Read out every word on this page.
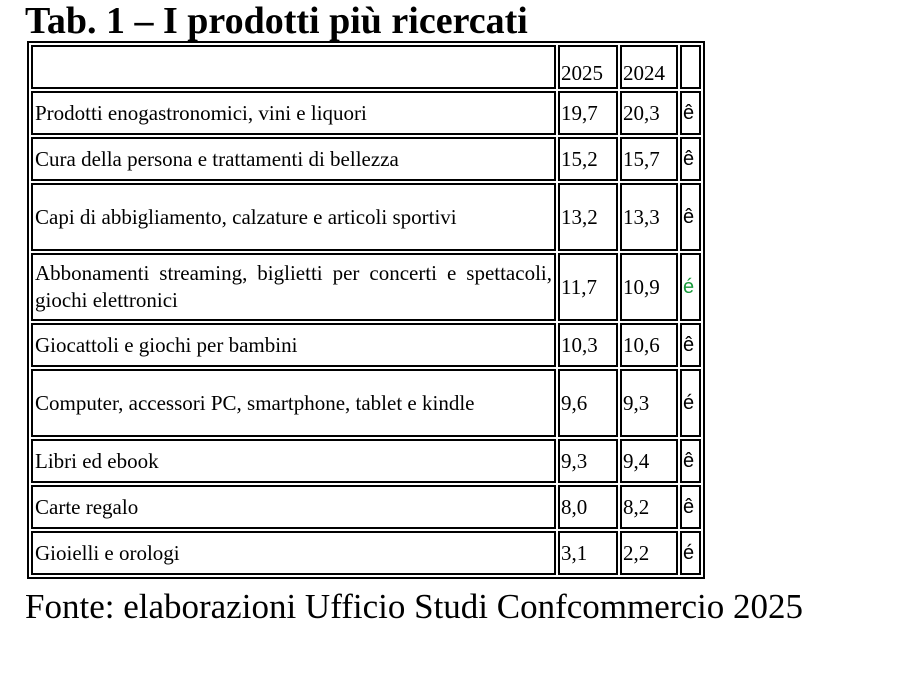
Tab. 1 – I prodotti più ricercati
	2025	2024	
Prodotti enogastronomici, vini e liquori	19,7	20,3	ê
Cura della persona e trattamenti di bellezza	15,2	15,7	ê
Capi di abbigliamento, calzature e articoli sportivi	13,2	13,3	ê
Abbonamenti streaming, biglietti per concerti e spettacoli, giochi elettronici	11,7	10,9	é
Giocattoli e giochi per bambini	10,3	10,6	ê
Computer, accessori PC, smartphone, tablet e kindle	9,6	9,3	é
Libri ed ebook	9,3	9,4	ê
Carte regalo	8,0	8,2	ê
Gioielli e orologi	3,1	2,2	é

Fonte: elaborazioni Ufficio Studi Confcommercio 2025
